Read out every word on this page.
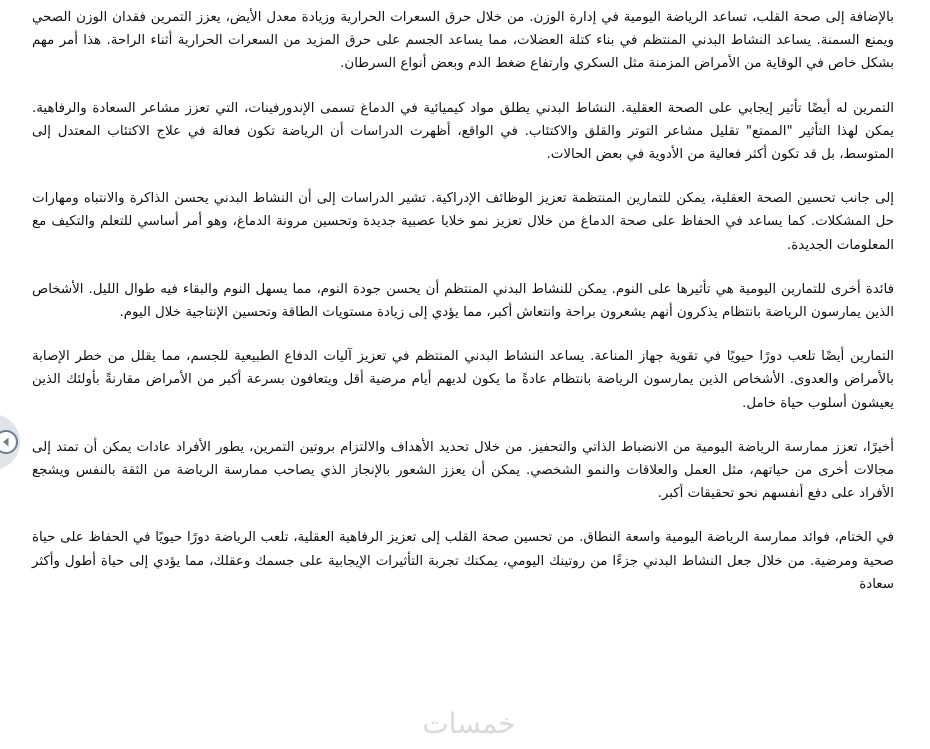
بالإضافة إلى صحة القلب، تساعد الرياضة اليومية في إدارة الوزن. من خلال حرق السعرات الحرارية وزيادة معدل الأيض، يعزز التمرين فقدان الوزن الصحي ويمنع السمنة. يساعد النشاط البدني المنتظم في بناء كتلة العضلات، مما يساعد الجسم على حرق المزيد من السعرات الحرارية أثناء الراحة. هذا أمر مهم بشكل خاص في الوقاية من الأمراض المزمنة مثل السكري وارتفاع ضغط الدم وبعض أنواع السرطان.

التمرين له أيضًا تأثير إيجابي على الصحة العقلية. النشاط البدني يطلق مواد كيميائية في الدماغ تسمى الإندورفينات، التي تعزز مشاعر السعادة والرفاهية. يمكن لهذا التأثير "الممتع" تقليل مشاعر التوتر والقلق والاكتئاب. في الواقع، أظهرت الدراسات أن الرياضة تكون فعالة في علاج الاكتئاب المعتدل إلى المتوسط، بل قد تكون أكثر فعالية من الأدوية في بعض الحالات.

إلى جانب تحسين الصحة العقلية، يمكن للتمارين المنتظمة تعزيز الوظائف الإدراكية. تشير الدراسات إلى أن النشاط البدني يحسن الذاكرة والانتباه ومهارات حل المشكلات. كما يساعد في الحفاظ على صحة الدماغ من خلال تعزيز نمو خلايا عصبية جديدة وتحسين مرونة الدماغ، وهو أمر أساسي للتعلم والتكيف مع المعلومات الجديدة.

فائدة أخرى للتمارين اليومية هي تأثيرها على النوم. يمكن للنشاط البدني المنتظم أن يحسن جودة النوم، مما يسهل النوم والبقاء فيه طوال الليل. الأشخاص الذين يمارسون الرياضة بانتظام يذكرون أنهم يشعرون براحة وانتعاش أكبر، مما يؤدي إلى زيادة مستويات الطاقة وتحسين الإنتاجية خلال اليوم.

التمارين أيضًا تلعب دورًا حيويًا في تقوية جهاز المناعة. يساعد النشاط البدني المنتظم في تعزيز آليات الدفاع الطبيعية للجسم، مما يقلل من خطر الإصابة بالأمراض والعدوى. الأشخاص الذين يمارسون الرياضة بانتظام عادةً ما يكون لديهم أيام مرضية أقل ويتعافون بسرعة أكبر من الأمراض مقارنةً بأولئك الذين يعيشون أسلوب حياة خامل.

أخيرًا، تعزز ممارسة الرياضة اليومية من الانضباط الذاتي والتحفيز. من خلال تحديد الأهداف والالتزام بروتين التمرين، يطور الأفراد عادات يمكن أن تمتد إلى مجالات أخرى من حياتهم، مثل العمل والعلاقات والنمو الشخصي. يمكن أن يعزز الشعور بالإنجاز الذي يصاحب ممارسة الرياضة من الثقة بالنفس ويشجع الأفراد على دفع أنفسهم نحو تحقيقات أكبر.

في الختام، فوائد ممارسة الرياضة اليومية واسعة النطاق. من تحسين صحة القلب إلى تعزيز الرفاهية العقلية، تلعب الرياضة دورًا حيويًا في الحفاظ على حياة صحية ومرضية. من خلال جعل النشاط البدني جزءًا من روتينك اليومي، يمكنك تجربة التأثيرات الإيجابية على جسمك وعقلك، مما يؤدي إلى حياة أطول وأكثر سعادة

خمسات
